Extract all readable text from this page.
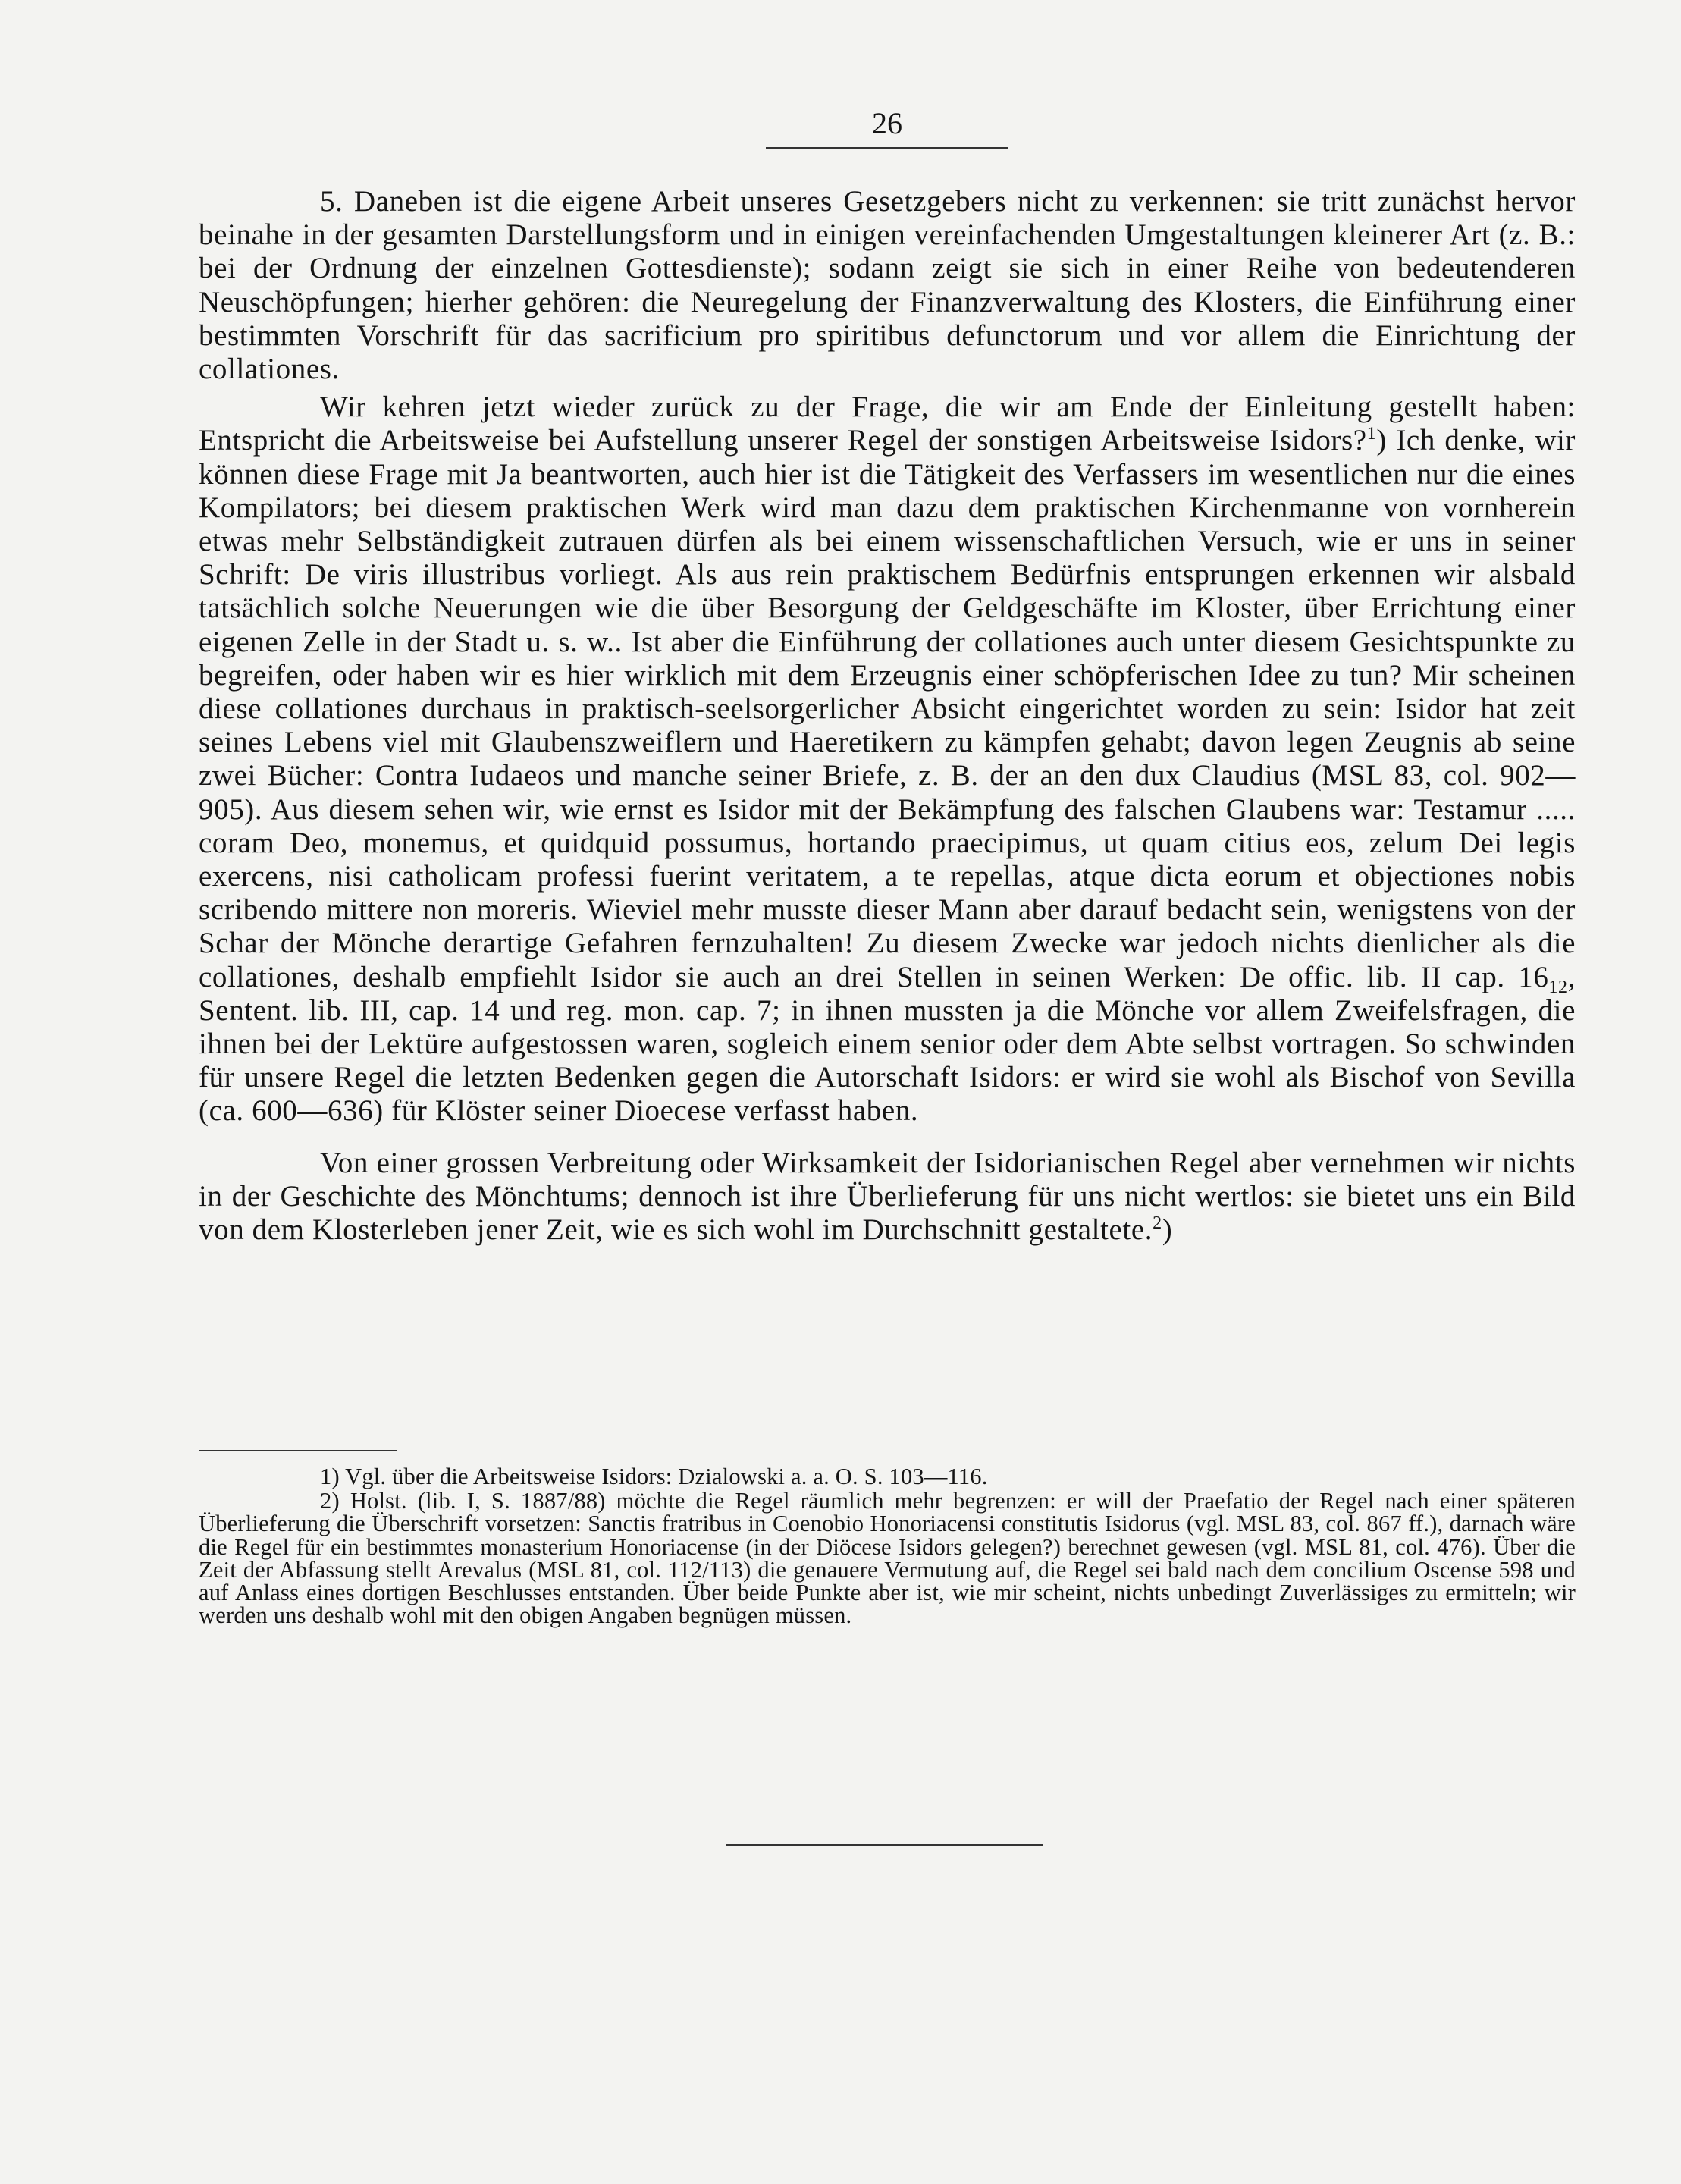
26

5. Daneben ist die eigene Arbeit unseres Gesetzgebers nicht zu verkennen: sie tritt zunächst hervor beinahe in der gesamten Darstellungsform und in einigen vereinfachenden Umgestaltungen kleinerer Art (z. B.: bei der Ordnung der einzelnen Gottesdienste); sodann zeigt sie sich in einer Reihe von bedeutenderen Neuschöpfungen; hierher gehören: die Neuregelung der Finanzverwaltung des Klosters, die Einführung einer bestimmten Vorschrift für das sacrificium pro spiritibus defunctorum und vor allem die Einrichtung der collationes.

Wir kehren jetzt wieder zurück zu der Frage, die wir am Ende der Einleitung gestellt haben: Entspricht die Arbeitsweise bei Aufstellung unserer Regel der sonstigen Arbeitsweise Isidors?$^1$) Ich denke, wir können diese Frage mit Ja beantworten, auch hier ist die Tätigkeit des Verfassers im wesentlichen nur die eines Kompilators; bei diesem praktischen Werk wird man dazu dem praktischen Kirchenmanne von vornherein etwas mehr Selbständigkeit zutrauen dürfen als bei einem wissenschaftlichen Versuch, wie er uns in seiner Schrift: De viris illustribus vorliegt. Als aus rein praktischem Bedürfnis entsprungen erkennen wir alsbald tatsächlich solche Neuerungen wie die über Besorgung der Geldgeschäfte im Kloster, über Errichtung einer eigenen Zelle in der Stadt u. s. w.. Ist aber die Einführung der collationes auch unter diesem Gesichtspunkte zu begreifen, oder haben wir es hier wirklich mit dem Erzeugnis einer schöpferischen Idee zu tun? Mir scheinen diese collationes durchaus in praktisch-seelsorgerlicher Absicht eingerichtet worden zu sein: Isidor hat zeit seines Lebens viel mit Glaubenszweiflern und Haeretikern zu kämpfen gehabt; davon legen Zeugnis ab seine zwei Bücher: Contra Iudaeos und manche seiner Briefe, z. B. der an den dux Claudius (MSL 83, col. 902—905). Aus diesem sehen wir, wie ernst es Isidor mit der Bekämpfung des falschen Glaubens war: Testamur ..... coram Deo, monemus, et quidquid possumus, hortando praecipimus, ut quam citius eos, zelum Dei legis exercens, nisi catholicam professi fuerint veritatem, a te repellas, atque dicta eorum et objectiones nobis scribendo mittere non moreris. Wieviel mehr musste dieser Mann aber darauf bedacht sein, wenigstens von der Schar der Mönche derartige Gefahren fernzuhalten! Zu diesem Zwecke war jedoch nichts dienlicher als die collationes, deshalb empfiehlt Isidor sie auch an drei Stellen in seinen Werken: De offic. lib. II cap. $16_{12}$, Sentent. lib. III, cap. 14 und reg. mon. cap. 7; in ihnen mussten ja die Mönche vor allem Zweifelsfragen, die ihnen bei der Lektüre aufgestossen waren, sogleich einem senior oder dem Abte selbst vortragen. So schwinden für unsere Regel die letzten Bedenken gegen die Autorschaft Isidors: er wird sie wohl als Bischof von Sevilla (ca. 600—636) für Klöster seiner Dioecese verfasst haben.

Von einer grossen Verbreitung oder Wirksamkeit der Isidorianischen Regel aber vernehmen wir nichts in der Geschichte des Mönchtums; dennoch ist ihre Überlieferung für uns nicht wertlos: sie bietet uns ein Bild von dem Klosterleben jener Zeit, wie es sich wohl im Durchschnitt gestaltete.$^2$)

1) Vgl. über die Arbeitsweise Isidors: Dzialowski a. a. O. S. 103—116.

2) Holst. (lib. I, S. 1887/88) möchte die Regel räumlich mehr begrenzen: er will der Praefatio der Regel nach einer späteren Überlieferung die Überschrift vorsetzen: Sanctis fratribus in Coenobio Honoriacensi constitutis Isidorus (vgl. MSL 83, col. 867 ff.), darnach wäre die Regel für ein bestimmtes monasterium Honoriacense (in der Diöcese Isidors gelegen?) berechnet gewesen (vgl. MSL 81, col. 476). Über die Zeit der Abfassung stellt Arevalus (MSL 81, col. 112/113) die genauere Vermutung auf, die Regel sei bald nach dem concilium Oscense 598 und auf Anlass eines dortigen Beschlusses entstanden. Über beide Punkte aber ist, wie mir scheint, nichts unbedingt Zuverlässiges zu ermitteln; wir werden uns deshalb wohl mit den obigen Angaben begnügen müssen.
